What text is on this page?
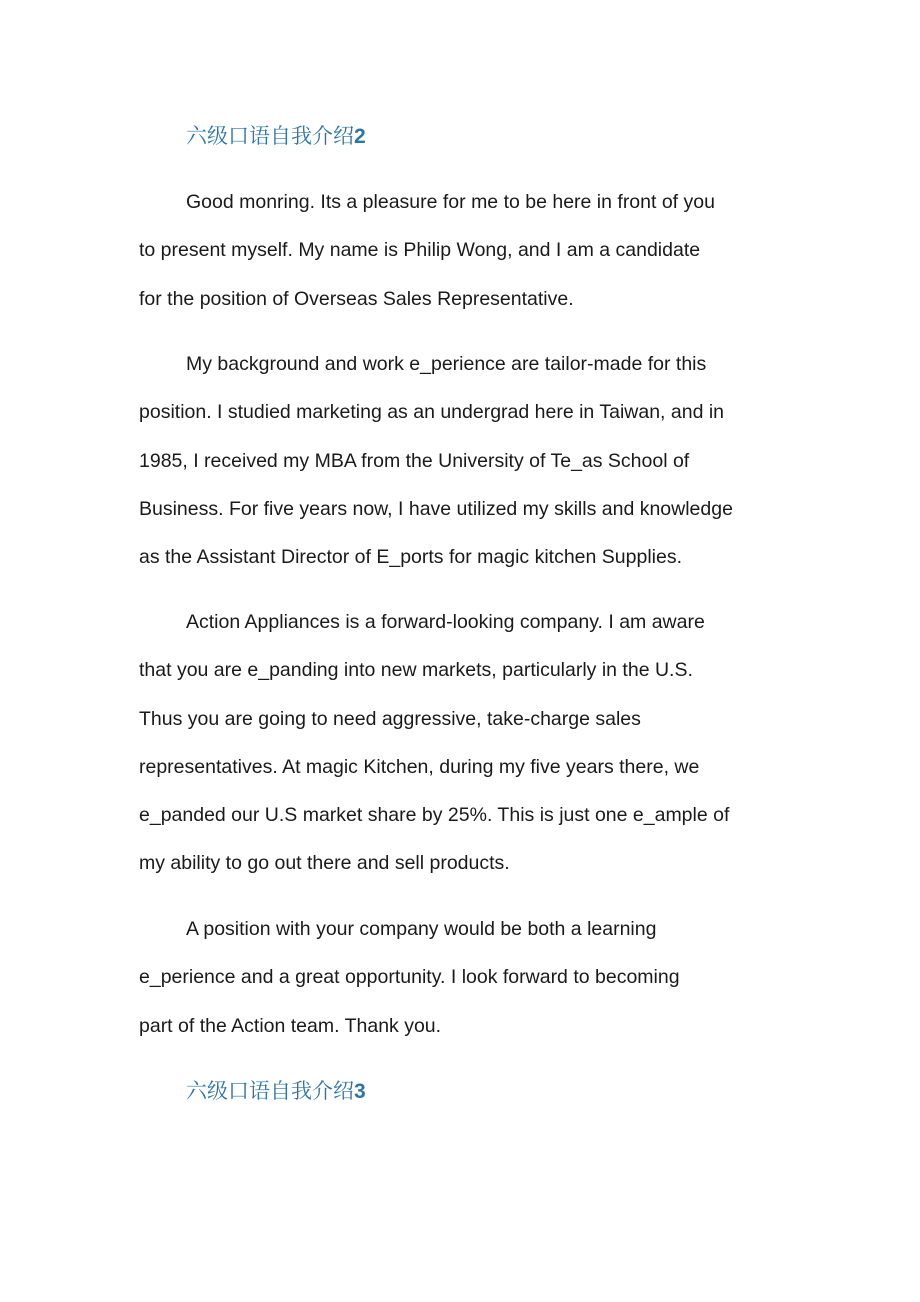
六级口语自我介绍2

Good monring. Its a pleasure for me to be here in front of you
to present myself. My name is Philip Wong, and I am a candidate
for the position of Overseas Sales Representative.

My background and work e_perience are tailor-made for this
position. I studied marketing as an undergrad here in Taiwan, and in
1985, I received my MBA from the University of Te_as School of
Business. For five years now, I have utilized my skills and knowledge
as the Assistant Director of E_ports for magic kitchen Supplies.

Action Appliances is a forward-looking company. I am aware
that you are e_panding into new markets, particularly in the U.S.
Thus you are going to need aggressive, take-charge sales
representatives. At magic Kitchen, during my five years there, we
e_panded our U.S market share by 25%. This is just one e_ample of
my ability to go out there and sell products.

A position with your company would be both a learning
e_perience and a great opportunity. I look forward to becoming
part of the Action team. Thank you.

六级口语自我介绍3
